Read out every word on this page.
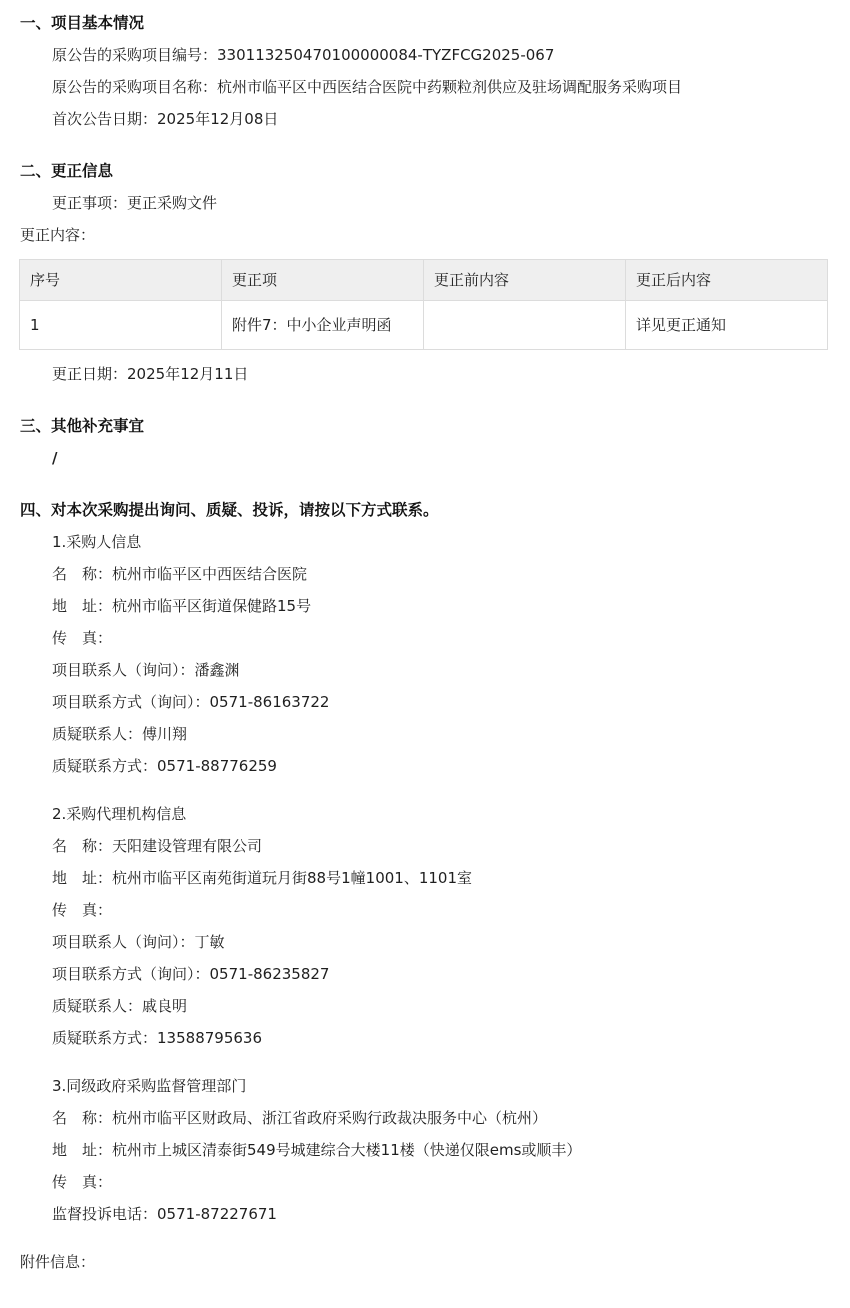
一、项目基本情况
原公告的采购项目编号：330113250470100000084-TYZFCG2025-067
原公告的采购项目名称：杭州市临平区中西医结合医院中药颗粒剂供应及驻场调配服务采购项目
首次公告日期：2025年12月08日
二、更正信息
更正事项：更正采购文件
更正内容：
序号	更正项	更正前内容	更正后内容
1	附件7：中小企业声明函		详见更正通知
更正日期：2025年12月11日
三、其他补充事宜
/
四、对本次采购提出询问、质疑、投诉，请按以下方式联系。
1.采购人信息
名　称：杭州市临平区中西医结合医院
地　址：杭州市临平区街道保健路15号
传　真：
项目联系人（询问）：潘鑫渊
项目联系方式（询问）：0571-86163722
质疑联系人：傅川翔
质疑联系方式：0571-88776259
2.采购代理机构信息
名　称：天阳建设管理有限公司
地　址：杭州市临平区南苑街道玩月街88号1幢1001、1101室
传　真：
项目联系人（询问）：丁敏
项目联系方式（询问）：0571-86235827
质疑联系人：戚良明
质疑联系方式：13588795636
3.同级政府采购监督管理部门
名　称：杭州市临平区财政局、浙江省政府采购行政裁决服务中心（杭州）
地　址：杭州市上城区清泰街549号城建综合大楼11楼（快递仅限ems或顺丰）
传　真：
监督投诉电话：0571-87227671
附件信息：
